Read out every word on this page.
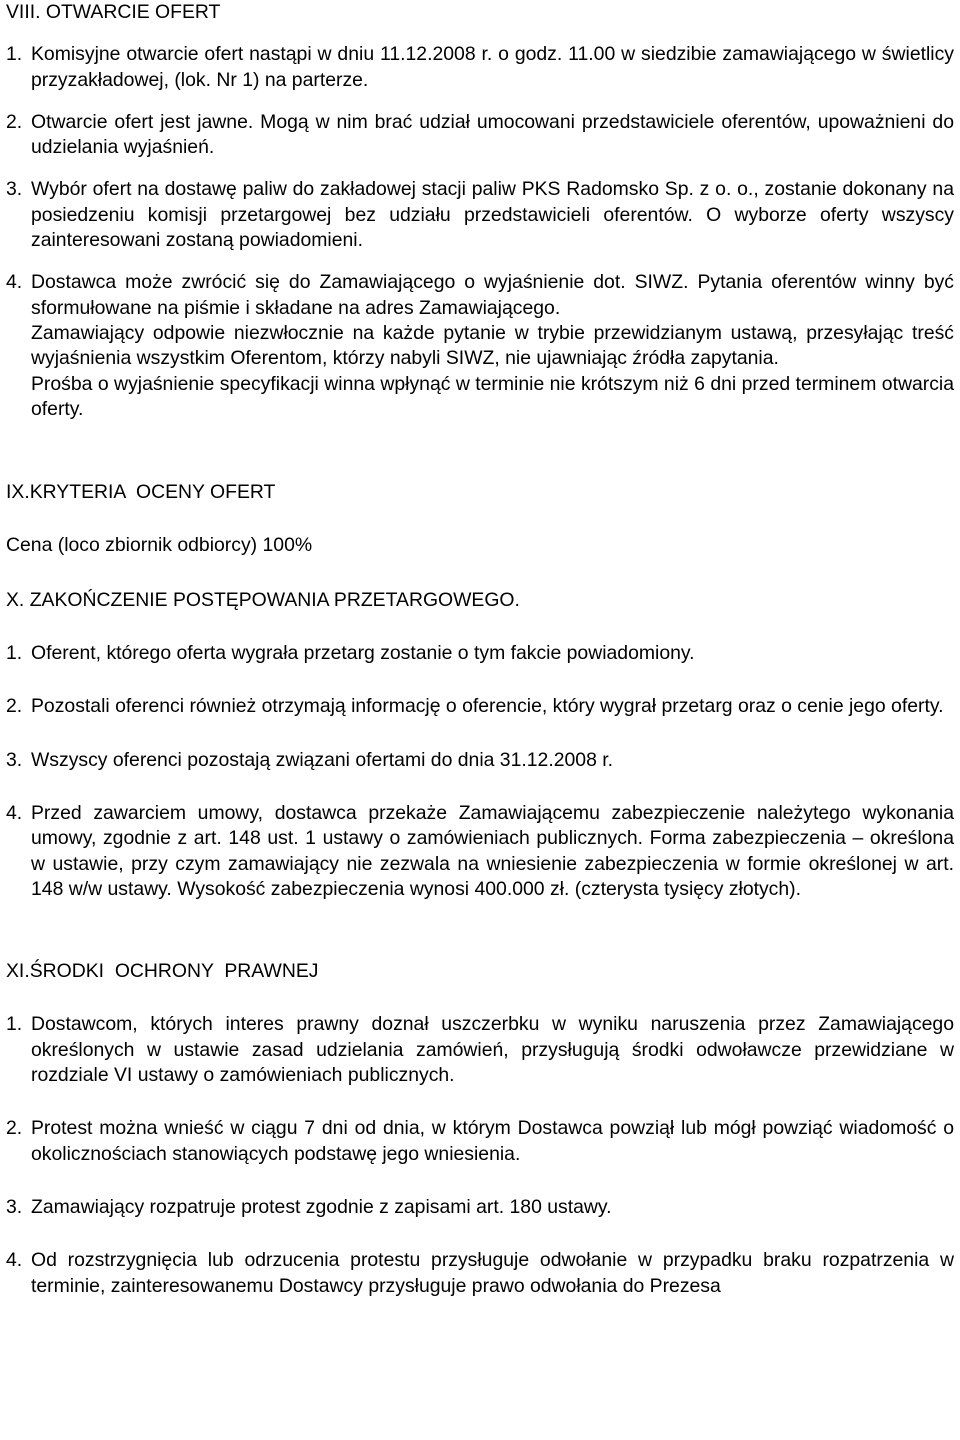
VIII. OTWARCIE OFERT
1. Komisyjne otwarcie ofert nastąpi w dniu 11.12.2008 r. o godz. 11.00 w siedzibie zamawiającego w świetlicy przyzakładowej, (lok. Nr 1) na parterze.
2. Otwarcie ofert jest jawne. Mogą w nim brać udział umocowani przedstawiciele oferentów, upoważnieni do udzielania wyjaśnień.
3. Wybór ofert na dostawę paliw do zakładowej stacji paliw PKS Radomsko Sp. z o. o., zostanie dokonany na posiedzeniu komisji przetargowej bez udziału przedstawicieli oferentów. O wyborze oferty wszyscy zainteresowani zostaną powiadomieni.
4. Dostawca może zwrócić się do Zamawiającego o wyjaśnienie dot. SIWZ. Pytania oferentów winny być sformułowane na piśmie i składane na adres Zamawiającego.
Zamawiający odpowie niezwłocznie na każde pytanie w trybie przewidzianym ustawą, przesyłając treść wyjaśnienia wszystkim Oferentom, którzy nabyli SIWZ, nie ujawniając źródła zapytania.
Prośba o wyjaśnienie specyfikacji winna wpłynąć w terminie nie krótszym niż 6 dni przed terminem otwarcia oferty.
IX.KRYTERIA  OCENY OFERT
Cena (loco zbiornik odbiorcy) 100%
X. ZAKOŃCZENIE POSTĘPOWANIA PRZETARGOWEGO.
1. Oferent, którego oferta wygrała przetarg zostanie o tym fakcie powiadomiony.
2. Pozostali oferenci również otrzymają informację o oferencie, który wygrał przetarg oraz o cenie jego oferty.
3. Wszyscy oferenci pozostają związani ofertami do dnia 31.12.2008 r.
4. Przed zawarciem umowy, dostawca przekaże Zamawiającemu zabezpieczenie należytego wykonania umowy, zgodnie z art. 148 ust. 1 ustawy o zamówieniach publicznych. Forma zabezpieczenia – określona w ustawie, przy czym zamawiający nie zezwala na wniesienie zabezpieczenia w formie określonej w art. 148 w/w ustawy. Wysokość zabezpieczenia wynosi 400.000 zł. (czterysta tysięcy złotych).
XI.ŚRODKI  OCHRONY  PRAWNEJ
1. Dostawcom, których interes prawny doznał uszczerbku w wyniku naruszenia przez Zamawiającego określonych w ustawie zasad udzielania zamówień, przysługują środki odwoławcze przewidziane w rozdziale VI ustawy o zamówieniach publicznych.
2. Protest można wnieść w ciągu 7 dni od dnia, w którym Dostawca powziął lub mógł powziąć wiadomość o okolicznościach stanowiących podstawę jego wniesienia.
3. Zamawiający rozpatruje protest zgodnie z zapisami art. 180 ustawy.
4. Od rozstrzygnięcia lub odrzucenia protestu przysługuje odwołanie w przypadku braku rozpatrzenia w terminie, zainteresowanemu Dostawcy przysługuje prawo odwołania do Prezesa
